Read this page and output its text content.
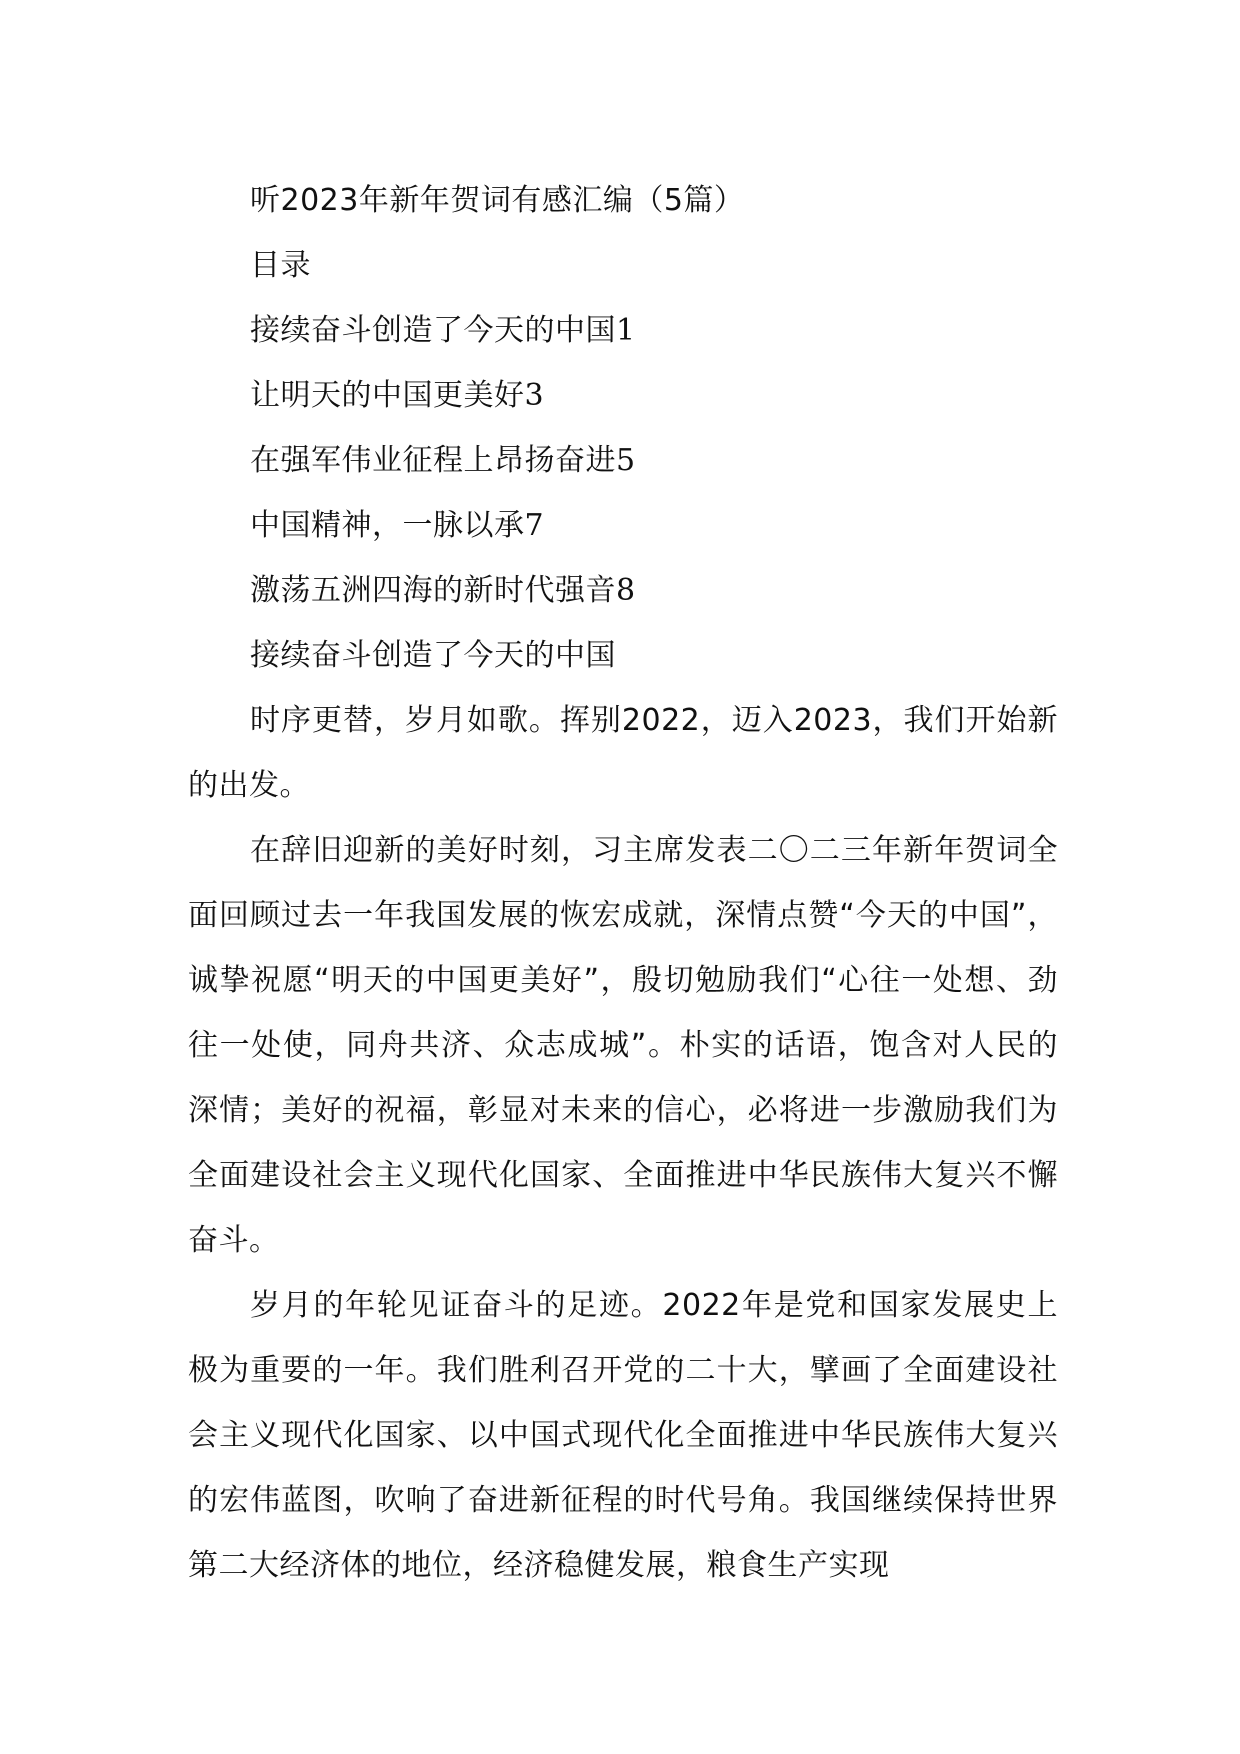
听2023年新年贺词有感汇编（5篇）

目录

接续奋斗创造了今天的中国1

让明天的中国更美好3

在强军伟业征程上昂扬奋进5

中国精神，一脉以承7

激荡五洲四海的新时代强音8

接续奋斗创造了今天的中国

时序更替，岁月如歌。挥别2022，迈入2023，我们开始新的出发。

在辞旧迎新的美好时刻，习主席发表二〇二三年新年贺词全面回顾过去一年我国发展的恢宏成就，深情点赞“今天的中国”，诚挚祝愿“明天的中国更美好”，殷切勉励我们“心往一处想、劲往一处使，同舟共济、众志成城”。朴实的话语，饱含对人民的深情；美好的祝福，彰显对未来的信心，必将进一步激励我们为全面建设社会主义现代化国家、全面推进中华民族伟大复兴不懈奋斗。

岁月的年轮见证奋斗的足迹。2022年是党和国家发展史上极为重要的一年。我们胜利召开党的二十大，擘画了全面建设社会主义现代化国家、以中国式现代化全面推进中华民族伟大复兴的宏伟蓝图，吹响了奋进新征程的时代号角。我国继续保持世界第二大经济体的地位，经济稳健发展，粮食生产实现
